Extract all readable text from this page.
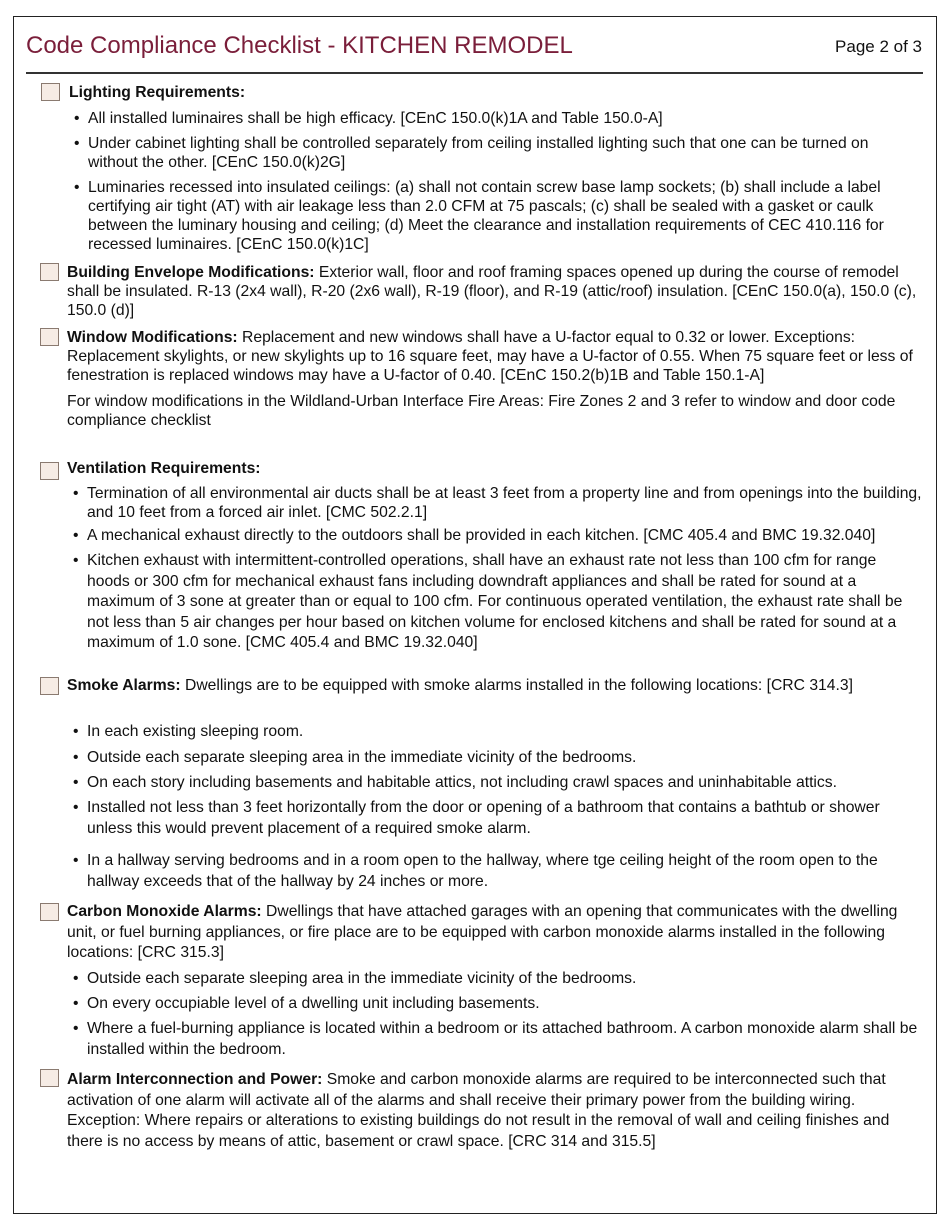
Code Compliance Checklist - KITCHEN REMODEL	Page 2 of 3
Lighting Requirements:
• All installed luminaires shall be high efficacy. [CEnC 150.0(k)1A and Table 150.0-A]
• Under cabinet lighting shall be controlled separately from ceiling installed lighting such that one can be turned on without the other. [CEnC 150.0(k)2G]
• Luminaries recessed into insulated ceilings: (a) shall not contain screw base lamp sockets; (b) shall include a label certifying air tight (AT) with air leakage less than 2.0 CFM at 75 pascals; (c) shall be sealed with a gasket or caulk between the luminary housing and ceiling; (d) Meet the clearance and installation requirements of CEC 410.116 for recessed luminaires. [CEnC 150.0(k)1C]
Building Envelope Modifications: Exterior wall, floor and roof framing spaces opened up during the course of remodel shall be insulated. R-13 (2x4 wall), R-20 (2x6 wall), R-19 (floor), and R-19 (attic/roof) insulation. [CEnC 150.0(a), 150.0 (c), 150.0 (d)]
Window Modifications: Replacement and new windows shall have a U-factor equal to 0.32 or lower. Exceptions: Replacement skylights, or new skylights up to 16 square feet, may have a U-factor of 0.55. When 75 square feet or less of fenestration is replaced windows may have a U-factor of 0.40. [CEnC 150.2(b)1B and Table 150.1-A]
For window modifications in the Wildland-Urban Interface Fire Areas: Fire Zones 2 and 3 refer to window and door code compliance checklist
Ventilation Requirements:
• Termination of all environmental air ducts shall be at least 3 feet from a property line and from openings into the building, and 10 feet from a forced air inlet. [CMC 502.2.1]
• A mechanical exhaust directly to the outdoors shall be provided in each kitchen. [CMC 405.4 and BMC 19.32.040]
• Kitchen exhaust with intermittent-controlled operations, shall have an exhaust rate not less than 100 cfm for range hoods or 300 cfm for mechanical exhaust fans including downdraft appliances and shall be rated for sound at a maximum of 3 sone at greater than or equal to 100 cfm. For continuous operated ventilation, the exhaust rate shall be not less than 5 air changes per hour based on kitchen volume for enclosed kitchens and shall be rated for sound at a maximum of 1.0 sone. [CMC 405.4 and BMC 19.32.040]
Smoke Alarms: Dwellings are to be equipped with smoke alarms installed in the following locations: [CRC 314.3]
• In each existing sleeping room.
• Outside each separate sleeping area in the immediate vicinity of the bedrooms.
• On each story including basements and habitable attics, not including crawl spaces and uninhabitable attics.
• Installed not less than 3 feet horizontally from the door or opening of a bathroom that contains a bathtub or shower unless this would prevent placement of a required smoke alarm.
• In a hallway serving bedrooms and in a room open to the hallway, where tge ceiling height of the room open to the hallway exceeds that of the hallway by 24 inches or more.
Carbon Monoxide Alarms: Dwellings that have attached garages with an opening that communicates with the dwelling unit, or fuel burning appliances, or fire place are to be equipped with carbon monoxide alarms installed in the following locations: [CRC 315.3]
• Outside each separate sleeping area in the immediate vicinity of the bedrooms.
• On every occupiable level of a dwelling unit including basements.
• Where a fuel-burning appliance is located within a bedroom or its attached bathroom. A carbon monoxide alarm shall be installed within the bedroom.
Alarm Interconnection and Power: Smoke and carbon monoxide alarms are required to be interconnected such that activation of one alarm will activate all of the alarms and shall receive their primary power from the building wiring. Exception: Where repairs or alterations to existing buildings do not result in the removal of wall and ceiling finishes and there is no access by means of attic, basement or crawl space. [CRC 314 and 315.5]
